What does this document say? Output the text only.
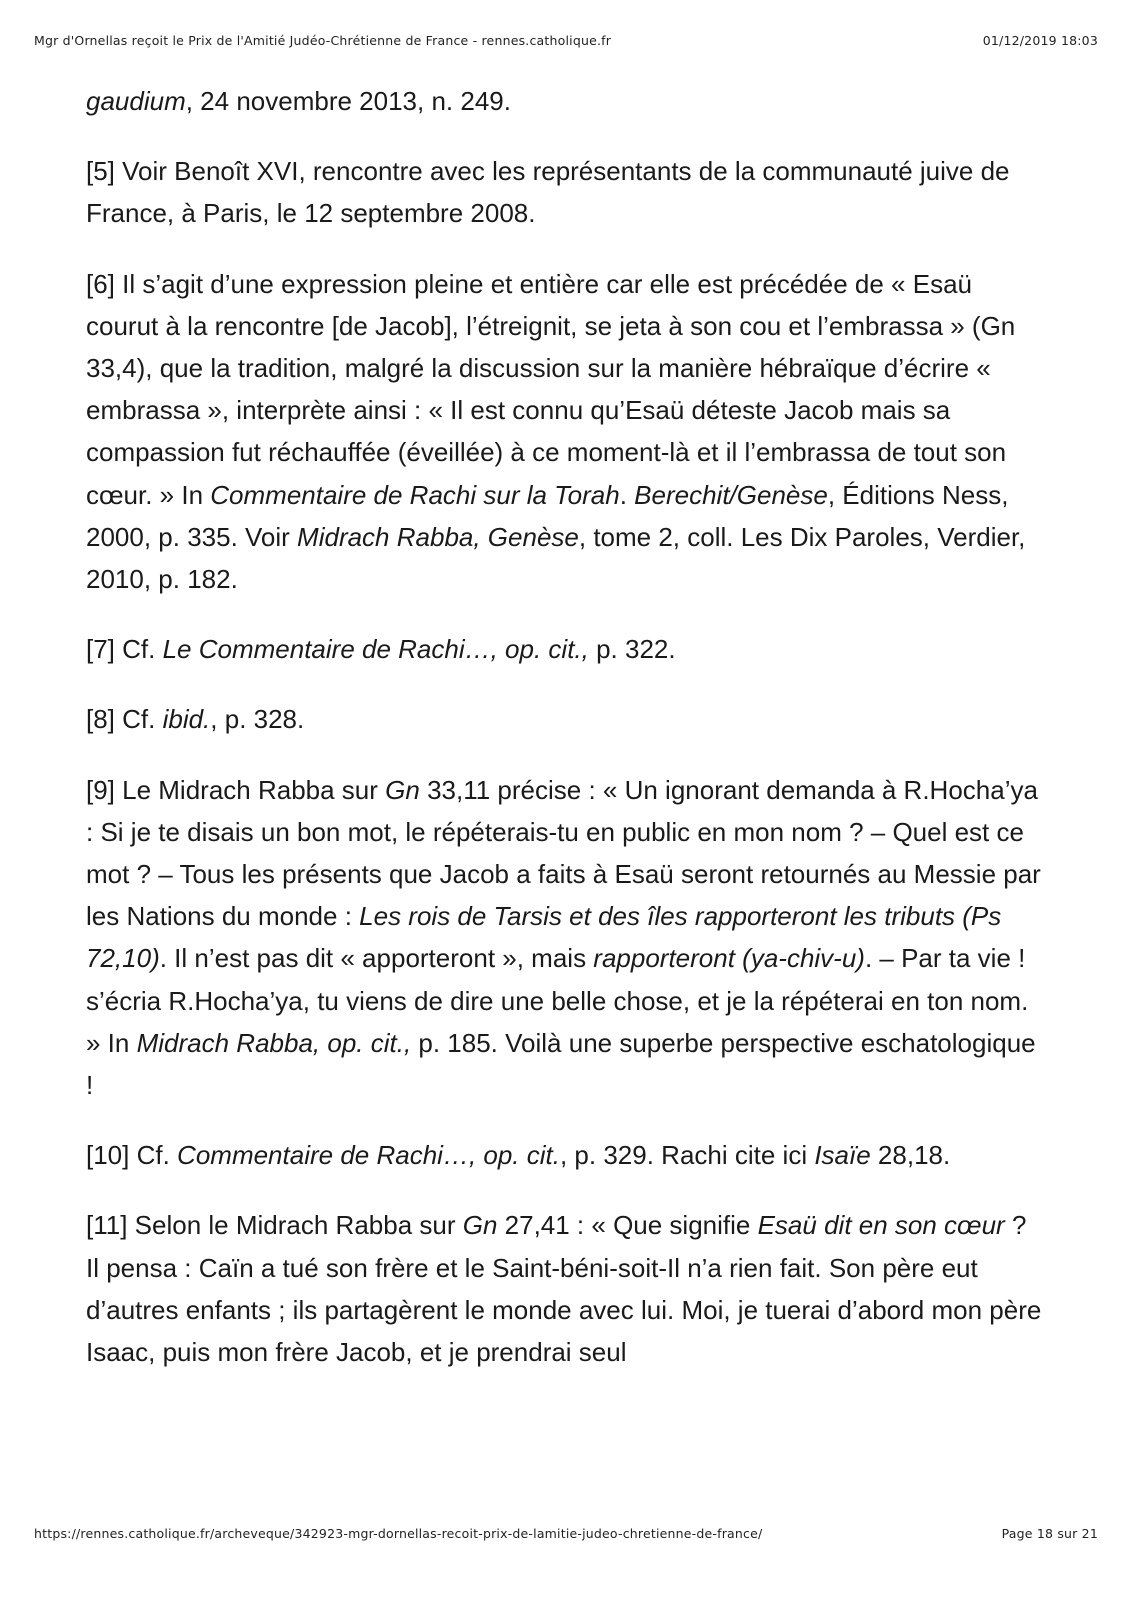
Mgr d'Ornellas reçoit le Prix de l'Amitié Judéo-Chrétienne de France - rennes.catholique.fr	01/12/2019 18:03

gaudium, 24 novembre 2013, n. 249.

[5] Voir Benoît XVI, rencontre avec les représentants de la communauté juive de France, à Paris, le 12 septembre 2008.

[6] Il s’agit d’une expression pleine et entière car elle est précédée de « Esaü courut à la rencontre [de Jacob], l’étreignit, se jeta à son cou et l’embrassa » (Gn 33,4), que la tradition, malgré la discussion sur la manière hébraïque d’écrire « embrassa », interprète ainsi : « Il est connu qu’Esaü déteste Jacob mais sa compassion fut réchauffée (éveillée) à ce moment-là et il l’embrassa de tout son cœur. » In Commentaire de Rachi sur la Torah. Berechit/Genèse, Éditions Ness, 2000, p. 335. Voir Midrach Rabba, Genèse, tome 2, coll. Les Dix Paroles, Verdier, 2010, p. 182.

[7] Cf. Le Commentaire de Rachi…, op. cit., p. 322.

[8] Cf. ibid., p. 328.

[9] Le Midrach Rabba sur Gn 33,11 précise : « Un ignorant demanda à R.Hocha’ya : Si je te disais un bon mot, le répéterais-tu en public en mon nom ? – Quel est ce mot ? – Tous les présents que Jacob a faits à Esaü seront retournés au Messie par les Nations du monde : Les rois de Tarsis et des îles rapporteront les tributs (Ps 72,10). Il n’est pas dit « apporteront », mais rapporteront (ya-chiv-u). – Par ta vie ! s’écria R.Hocha’ya, tu viens de dire une belle chose, et je la répéterai en ton nom. » In Midrach Rabba, op. cit., p. 185. Voilà une superbe perspective eschatologique !

[10] Cf. Commentaire de Rachi…, op. cit., p. 329. Rachi cite ici Isaïe 28,18.

[11] Selon le Midrach Rabba sur Gn 27,41 : « Que signifie Esaü dit en son cœur ? Il pensa : Caïn a tué son frère et le Saint-béni-soit-Il n’a rien fait. Son père eut d’autres enfants ; ils partagèrent le monde avec lui. Moi, je tuerai d’abord mon père Isaac, puis mon frère Jacob, et je prendrai seul

https://rennes.catholique.fr/archeveque/342923-mgr-dornellas-recoit-prix-de-lamitie-judeo-chretienne-de-france/	Page 18 sur 21
